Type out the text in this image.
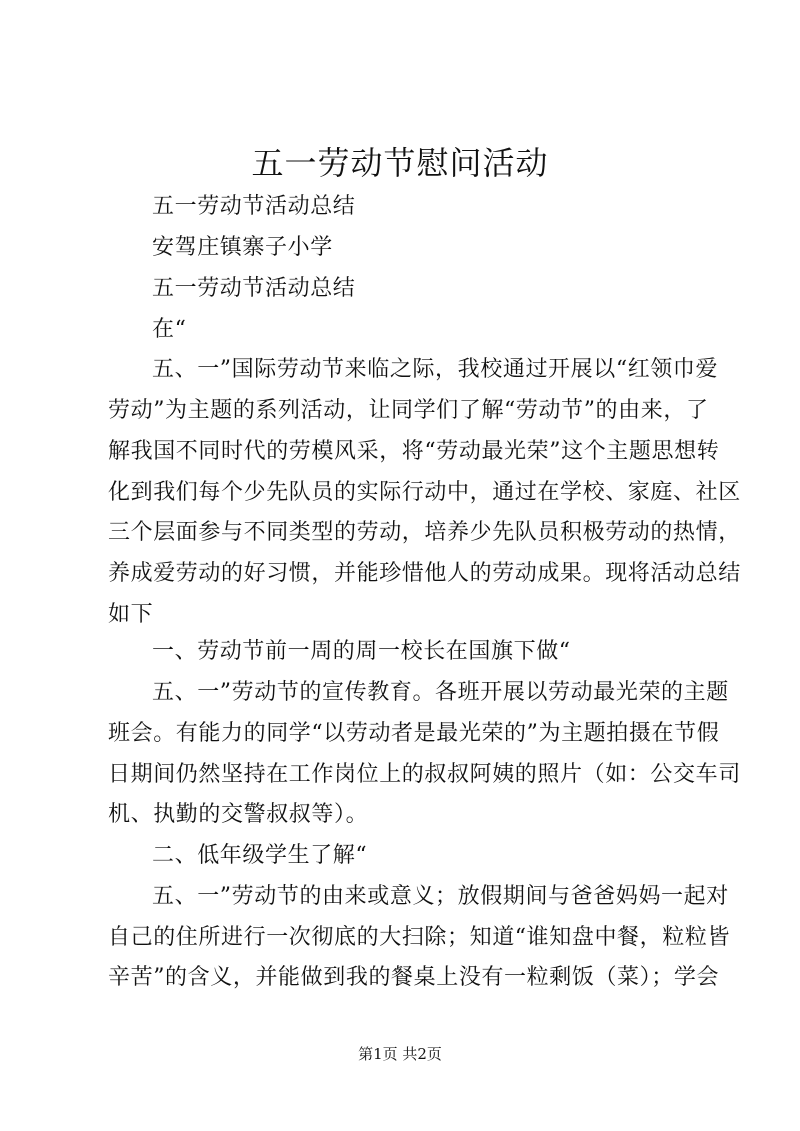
五一劳动节慰问活动
五一劳动节活动总结
安驾庄镇寨子小学
五一劳动节活动总结
在“
五、一”国际劳动节来临之际，我校通过开展以“红领巾爱
劳动”为主题的系列活动，让同学们了解“劳动节”的由来，了
解我国不同时代的劳模风采，将“劳动最光荣”这个主题思想转
化到我们每个少先队员的实际行动中，通过在学校、家庭、社区
三个层面参与不同类型的劳动，培养少先队员积极劳动的热情，
养成爱劳动的好习惯，并能珍惜他人的劳动成果。现将活动总结
如下
一、劳动节前一周的周一校长在国旗下做“
五、一”劳动节的宣传教育。各班开展以劳动最光荣的主题
班会。有能力的同学“以劳动者是最光荣的”为主题拍摄在节假
日期间仍然坚持在工作岗位上的叔叔阿姨的照片（如：公交车司
机、执勤的交警叔叔等）。
二、低年级学生了解“
五、一”劳动节的由来或意义；放假期间与爸爸妈妈一起对
自己的住所进行一次彻底的大扫除；知道“谁知盘中餐，粒粒皆
辛苦”的含义，并能做到我的餐桌上没有一粒剩饭（菜）；学会
第1页 共2页
